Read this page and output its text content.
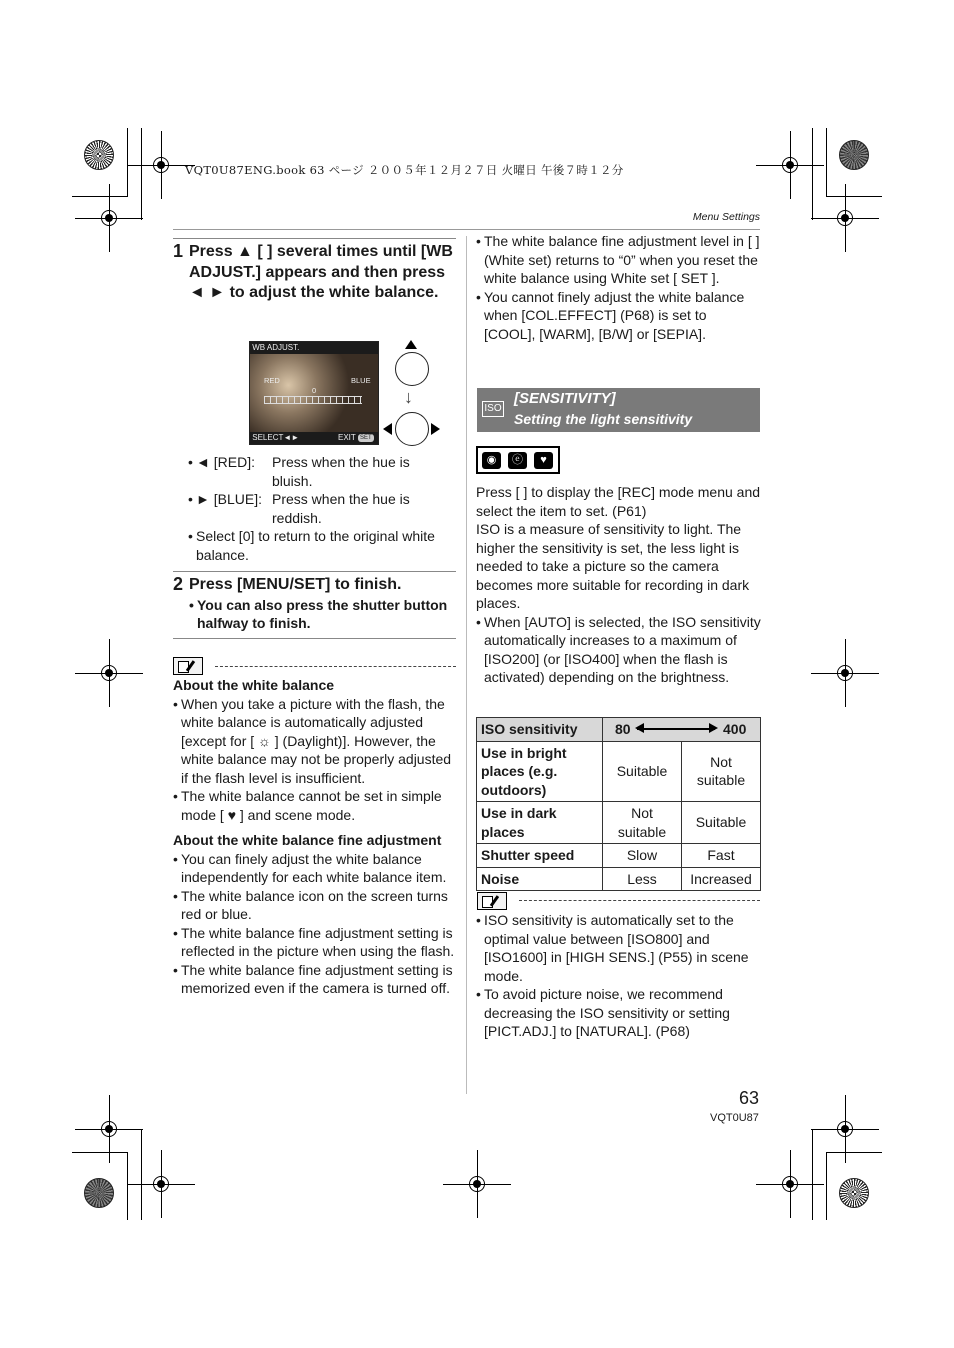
VQT0U87ENG.book 63 ページ ２００５年１２月２７日 火曜日 午後７時１２分
Menu Settings
1 Press ▲ [ ] several times until [WB ADJUST.] appears and then press ◄ ► to adjust the white balance.
WB ADJUST.
RED	BLUE
0
SELECT◄►	EXIT SET
↓
• ◄ [RED]:	Press when the hue is bluish.
• ► [BLUE]: Press when the hue is reddish.
• Select [0] to return to the original white balance.
2 Press [MENU/SET] to finish.
• You can also press the shutter button halfway to finish.
About the white balance
• When you take a picture with the flash, the white balance is automatically adjusted [except for [ ☼ ] (Daylight)]. However, the white balance may not be properly adjusted if the flash level is insufficient.
• The white balance cannot be set in simple mode [ ♥ ] and scene mode.
About the white balance fine adjustment
• You can finely adjust the white balance independently for each white balance item.
• The white balance icon on the screen turns red or blue.
• The white balance fine adjustment setting is reflected in the picture when using the flash.
• The white balance fine adjustment setting is memorized even if the camera is turned off.
• The white balance fine adjustment level in [ ] (White set) returns to “0” when you reset the white balance using White set [ SET ].
• You cannot finely adjust the white balance when [COL.EFFECT] (P68) is set to [COOL], [WARM], [B/W] or [SEPIA].
ISO
[SENSITIVITY]
Setting the light sensitivity
◉	ⓔ	♥
Press [ ] to display the [REC] mode menu and select the item to set. (P61)
ISO is a measure of sensitivity to light. The higher the sensitivity is set, the less light is needed to take a picture so the camera becomes more suitable for recording in dark places.
• When [AUTO] is selected, the ISO sensitivity automatically increases to a maximum of [ISO200] (or [ISO400] when the flash is activated) depending on the brightness.
ISO sensitivity	80 400	

Use in bright places (e.g. outdoors)	Suitable	Not suitable
Use in dark places	Not suitable	Suitable
Shutter speed	Slow	Fast
Noise	Less	Increased
• ISO sensitivity is automatically set to the optimal value between [ISO800] and [ISO1600] in [HIGH SENS.] (P55) in scene mode.
• To avoid picture noise, we recommend decreasing the ISO sensitivity or setting [PICT.ADJ.] to [NATURAL]. (P68)
63
VQT0U87
